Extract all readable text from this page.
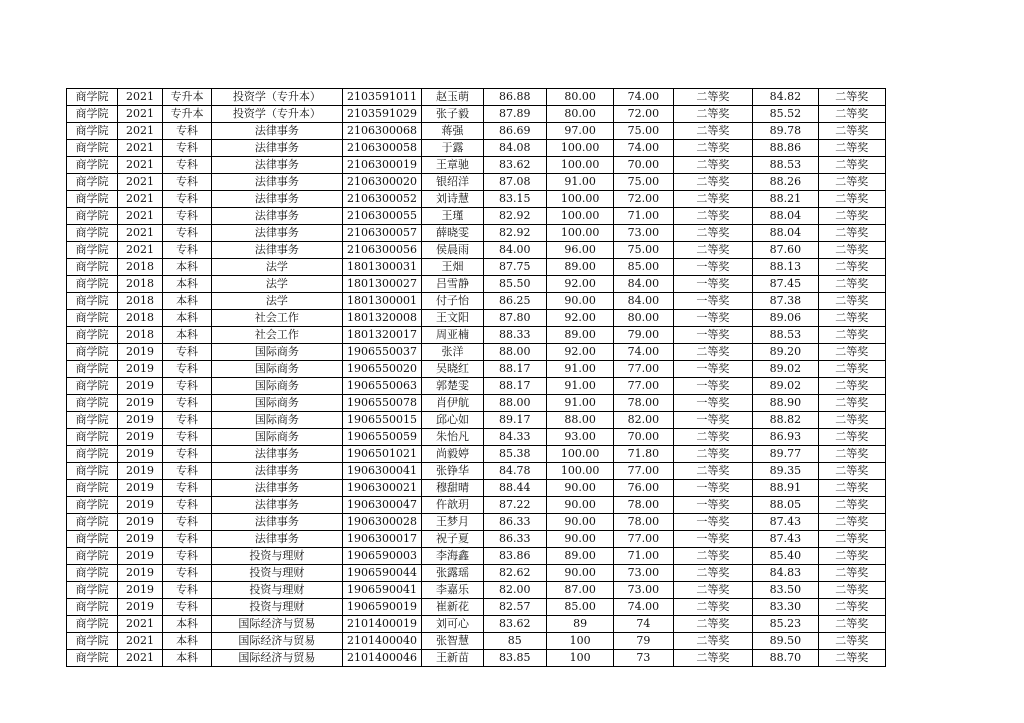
商学院	2021	专升本	投资学（专升本）	2103591011	赵玉萌	86.88	80.00	74.00	二等奖	84.82	二等奖
商学院	2021	专升本	投资学（专升本）	2103591029	张子毅	87.89	80.00	72.00	二等奖	85.52	二等奖
商学院	2021	专科	法律事务	2106300068	蒋强	86.69	97.00	75.00	二等奖	89.78	二等奖
商学院	2021	专科	法律事务	2106300058	于露	84.08	100.00	74.00	二等奖	88.86	二等奖
商学院	2021	专科	法律事务	2106300019	王章驰	83.62	100.00	70.00	二等奖	88.53	二等奖
商学院	2021	专科	法律事务	2106300020	银绍洋	87.08	91.00	75.00	二等奖	88.26	二等奖
商学院	2021	专科	法律事务	2106300052	刘诗慧	83.15	100.00	72.00	二等奖	88.21	二等奖
商学院	2021	专科	法律事务	2106300055	王瑾	82.92	100.00	71.00	二等奖	88.04	二等奖
商学院	2021	专科	法律事务	2106300057	薛晓雯	82.92	100.00	73.00	二等奖	88.04	二等奖
商学院	2021	专科	法律事务	2106300056	侯晨雨	84.00	96.00	75.00	二等奖	87.60	二等奖
商学院	2018	本科	法学	1801300031	王畑	87.75	89.00	85.00	一等奖	88.13	二等奖
商学院	2018	本科	法学	1801300027	吕雪静	85.50	92.00	84.00	一等奖	87.45	二等奖
商学院	2018	本科	法学	1801300001	付子怡	86.25	90.00	84.00	一等奖	87.38	二等奖
商学院	2018	本科	社会工作	1801320008	王文阳	87.80	92.00	80.00	一等奖	89.06	二等奖
商学院	2018	本科	社会工作	1801320017	周亚楠	88.33	89.00	79.00	一等奖	88.53	二等奖
商学院	2019	专科	国际商务	1906550037	张洋	88.00	92.00	74.00	二等奖	89.20	二等奖
商学院	2019	专科	国际商务	1906550020	吴晓红	88.17	91.00	77.00	一等奖	89.02	二等奖
商学院	2019	专科	国际商务	1906550063	郭楚雯	88.17	91.00	77.00	一等奖	89.02	二等奖
商学院	2019	专科	国际商务	1906550078	肖伊航	88.00	91.00	78.00	一等奖	88.90	二等奖
商学院	2019	专科	国际商务	1906550015	邱心如	89.17	88.00	82.00	一等奖	88.82	二等奖
商学院	2019	专科	国际商务	1906550059	朱怡凡	84.33	93.00	70.00	二等奖	86.93	二等奖
商学院	2019	专科	法律事务	1906501021	尚毅婷	85.38	100.00	71.80	二等奖	89.77	二等奖
商学院	2019	专科	法律事务	1906300041	张铮华	84.78	100.00	77.00	二等奖	89.35	二等奖
商学院	2019	专科	法律事务	1906300021	穆甜晴	88.44	90.00	76.00	一等奖	88.91	二等奖
商学院	2019	专科	法律事务	1906300047	仵歆玥	87.22	90.00	78.00	一等奖	88.05	二等奖
商学院	2019	专科	法律事务	1906300028	王梦月	86.33	90.00	78.00	一等奖	87.43	二等奖
商学院	2019	专科	法律事务	1906300017	祝子夏	86.33	90.00	77.00	一等奖	87.43	二等奖
商学院	2019	专科	投资与理财	1906590003	李海鑫	83.86	89.00	71.00	二等奖	85.40	二等奖
商学院	2019	专科	投资与理财	1906590044	张露瑶	82.62	90.00	73.00	二等奖	84.83	二等奖
商学院	2019	专科	投资与理财	1906590041	李嘉乐	82.00	87.00	73.00	二等奖	83.50	二等奖
商学院	2019	专科	投资与理财	1906590019	崔新花	82.57	85.00	74.00	二等奖	83.30	二等奖
商学院	2021	本科	国际经济与贸易	2101400019	刘可心	83.62	89	74	二等奖	85.23	二等奖
商学院	2021	本科	国际经济与贸易	2101400040	张智慧	85	100	79	二等奖	89.50	二等奖
商学院	2021	本科	国际经济与贸易	2101400046	王新苗	83.85	100	73	二等奖	88.70	二等奖
